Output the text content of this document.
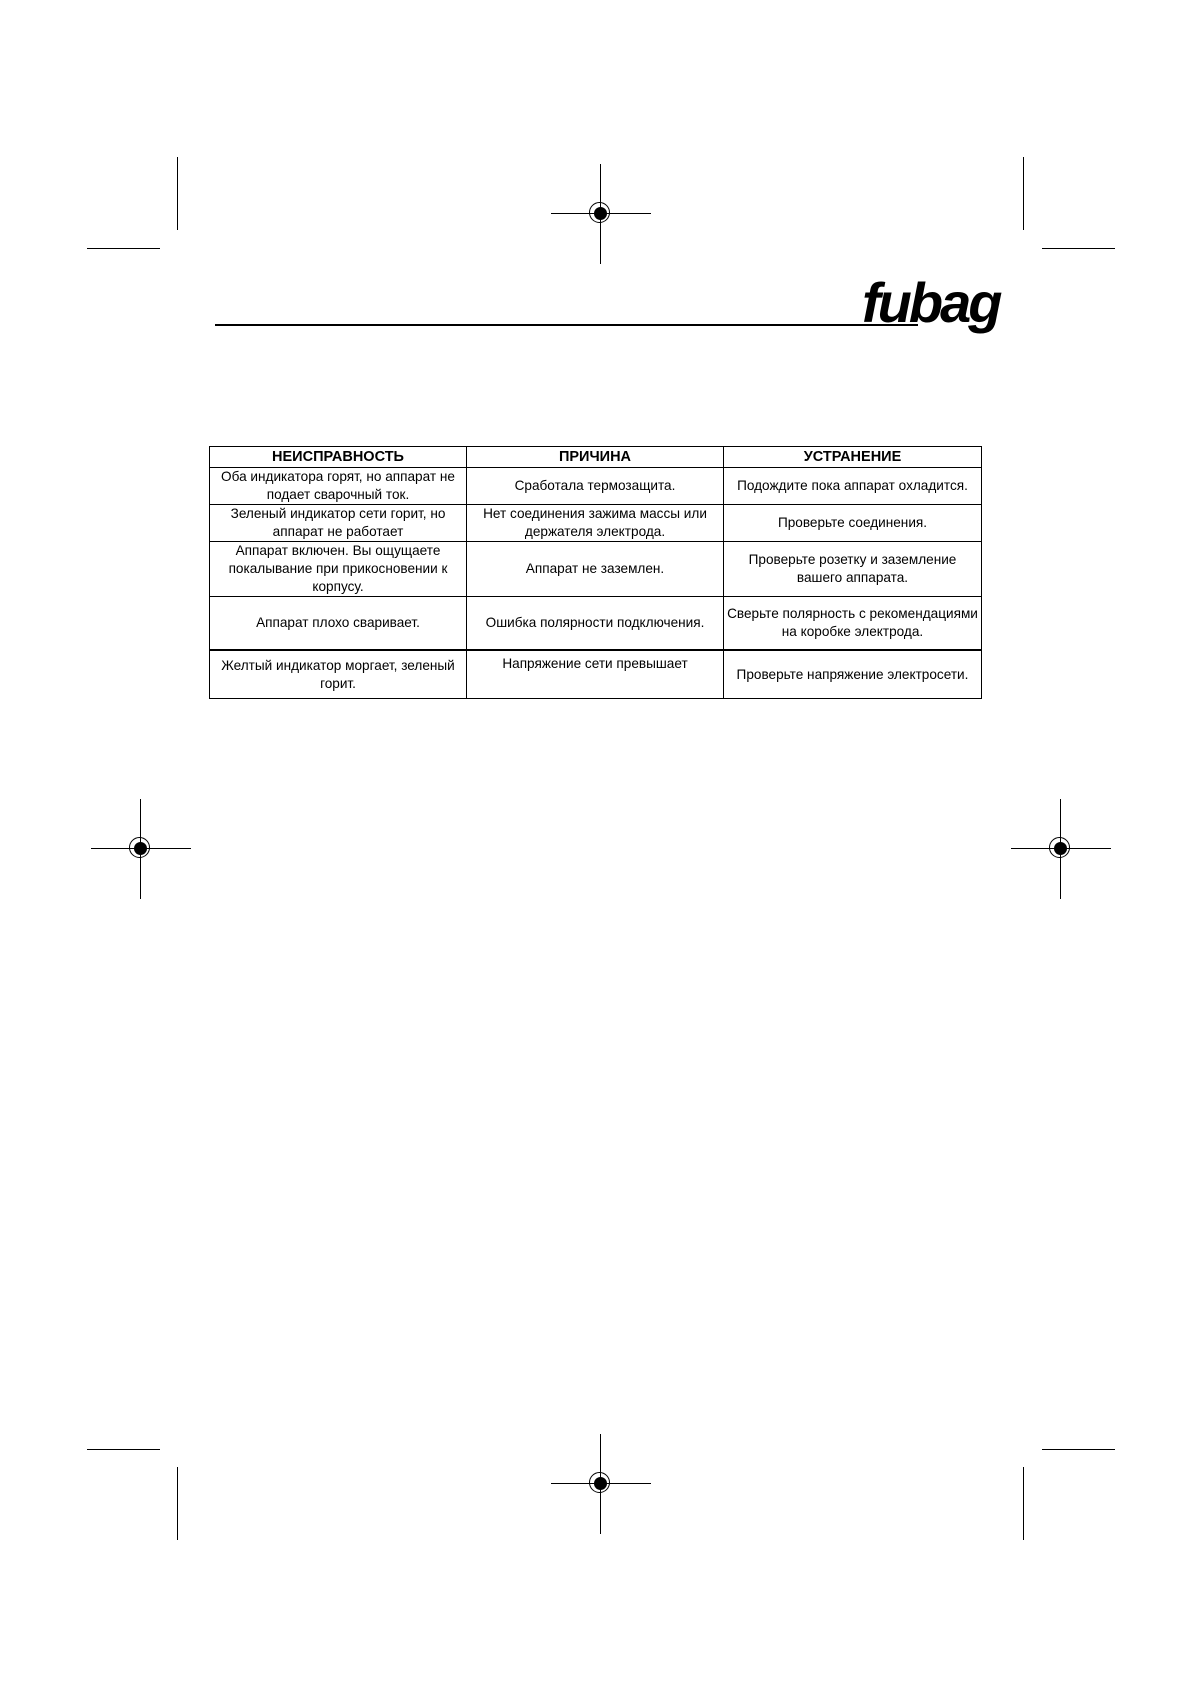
fubag
НЕИСПРАВНОСТЬ	ПРИЧИНА	УСТРАНЕНИЕ
Оба индикатора горят, но аппарат не подает сварочный ток.	Сработала термозащита.	Подождите пока аппарат охладится.
Зеленый индикатор сети горит, но аппарат не работает	Нет соединения зажима массы или держателя электрода.	Проверьте соединения.
Аппарат включен. Вы ощущаете покалывание при прикосновении к корпусу.	Аппарат не заземлен.	Проверьте розетку и заземление вашего аппарата.
Аппарат плохо сваривает.	Ошибка полярности подключения.	Сверьте полярность с рекомендациями на коробке электрода.
Желтый индикатор моргает, зеленый горит.	Напряжение сети превышает	Проверьте напряжение электросети.
